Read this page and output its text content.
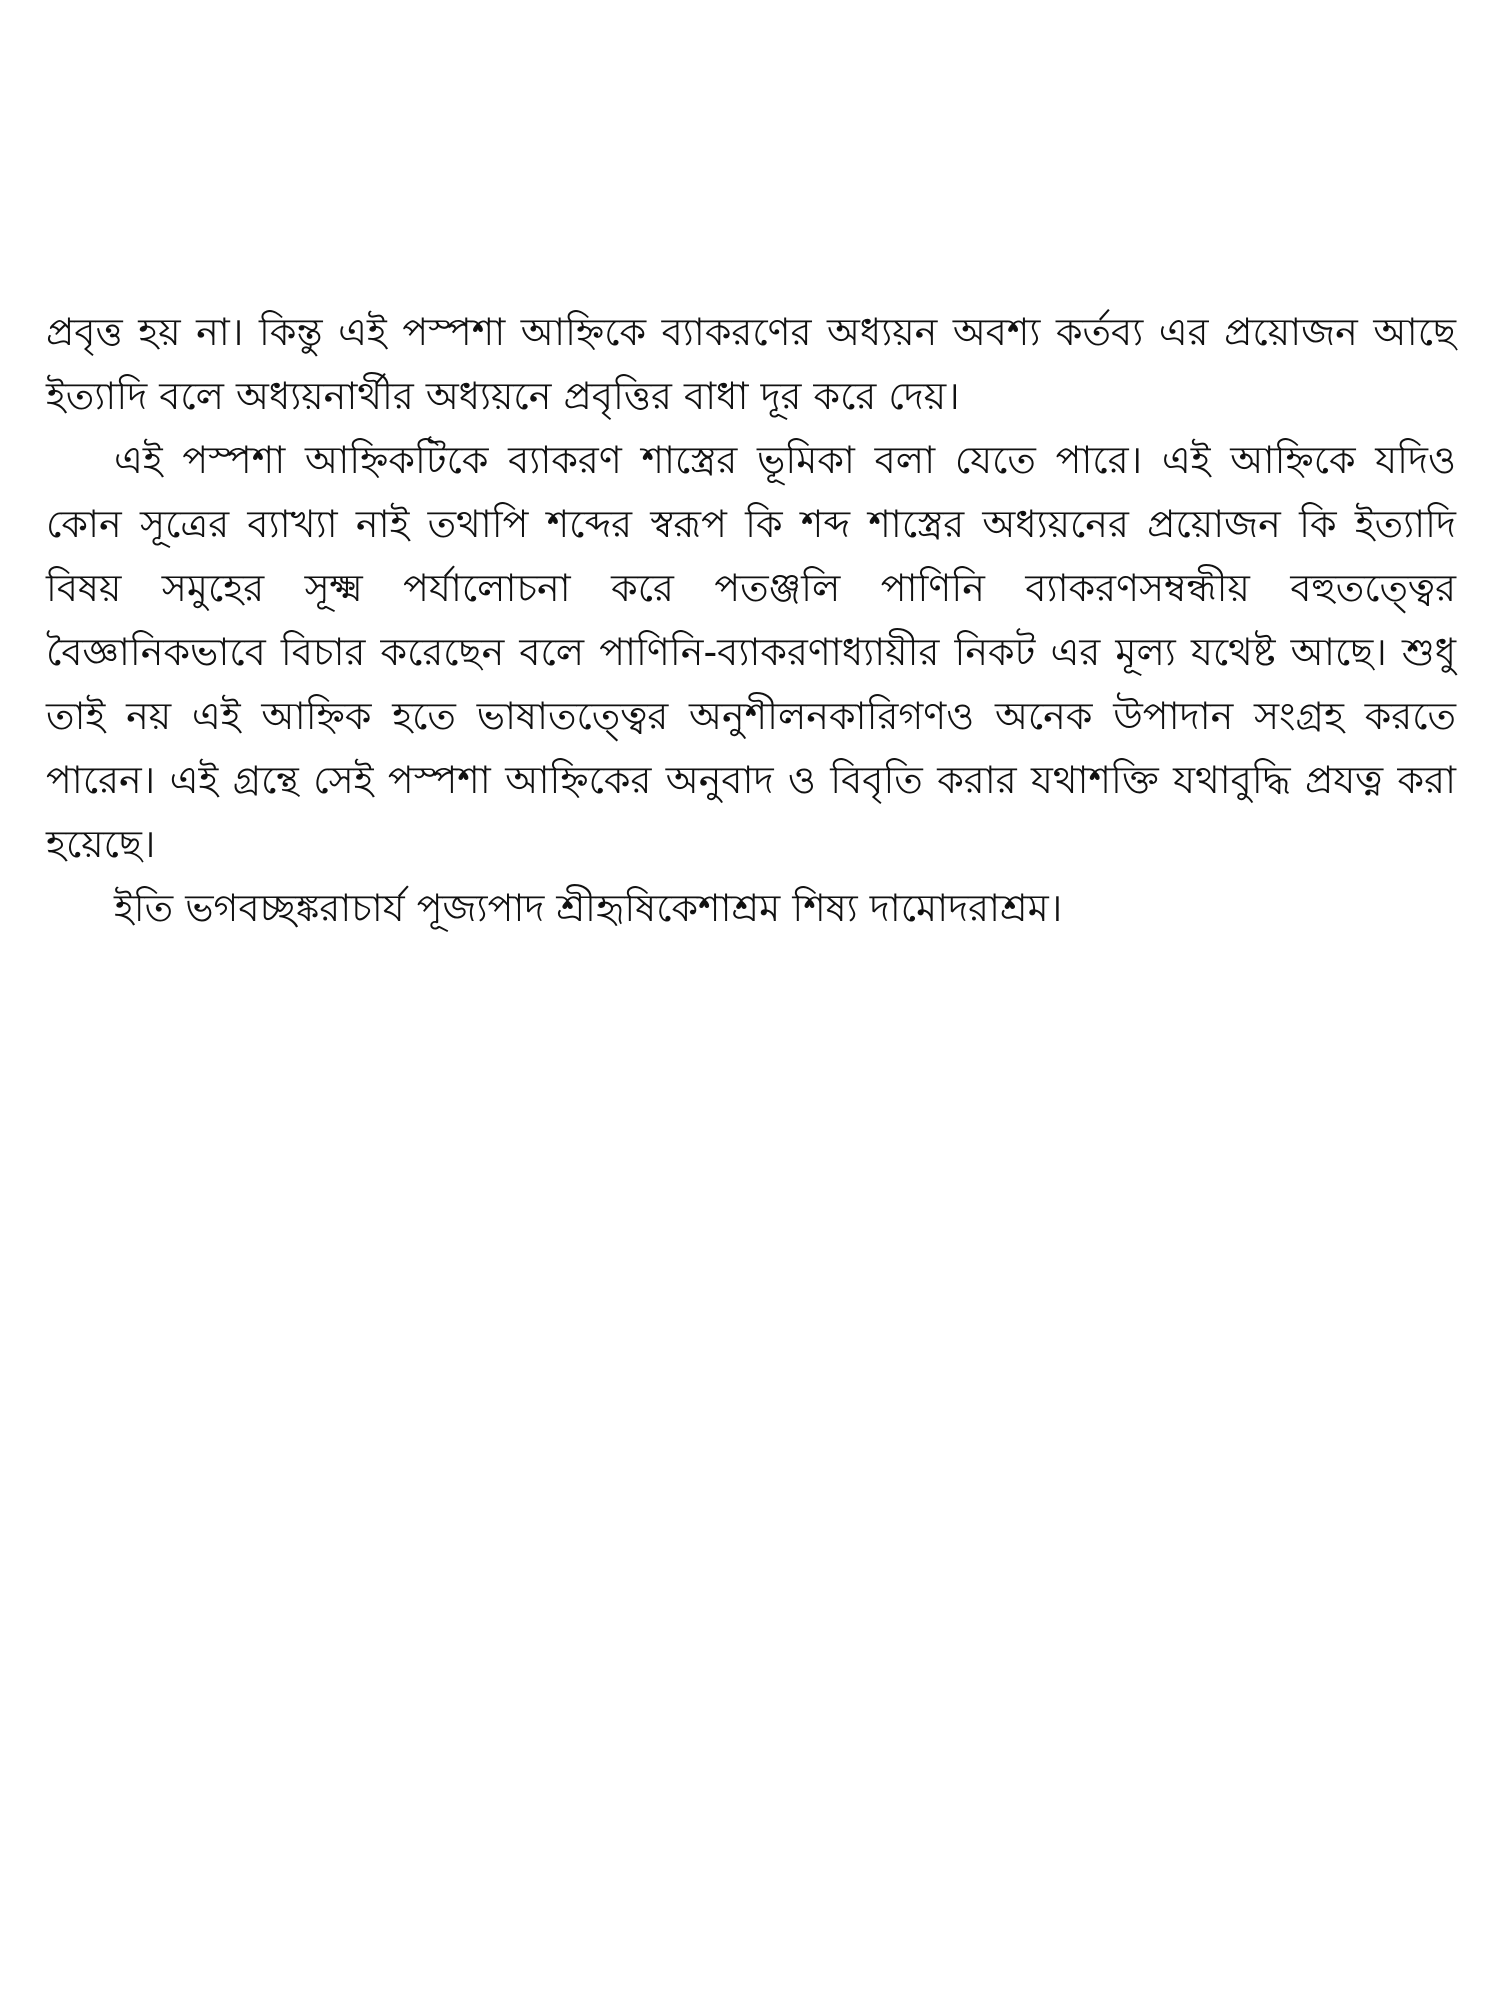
প্রবৃত্ত হয় না। কিন্তু এই পস্পশা আহ্নিকে ব্যাকরণের অধ্যয়ন অবশ্য কর্তব্য এর প্রয়োজন আছে ইত্যাদি বলে অধ্যয়নার্থীর অধ্যয়নে প্রবৃত্তির বাধা দূর করে দেয়।

এই পস্পশা আহ্নিকটিকে ব্যাকরণ শাস্ত্রের ভূমিকা বলা যেতে পারে। এই আহ্নিকে যদিও কোন সূত্রের ব্যাখ্যা নাই তথাপি শব্দের স্বরূপ কি শব্দ শাস্ত্রের অধ্যয়নের প্রয়োজন কি ইত্যাদি বিষয় সমুহের সূক্ষ্ম পর্যালোচনা করে পতঞ্জলি পাণিনি ব্যাকরণসম্বন্ধীয় বহুতত্ত্বের বৈজ্ঞানিকভাবে বিচার করেছেন বলে পাণিনি-ব্যাকরণাধ্যায়ীর নিকট এর মূল্য যথেষ্ট আছে। শুধু তাই নয় এই আহ্নিক হতে ভাষাতত্ত্বের অনুশীলনকারিগণও অনেক উপাদান সংগ্রহ করতে পারেন। এই গ্রন্থে সেই পস্পশা আহ্নিকের অনুবাদ ও বিবৃতি করার যথাশক্তি যথাবুদ্ধি প্রযত্ন করা হয়েছে।

ইতি ভগবচ্ছঙ্করাচার্য পূজ্যপাদ শ্রীহৃষিকেশাশ্রম শিষ্য দামোদরাশ্রম।
